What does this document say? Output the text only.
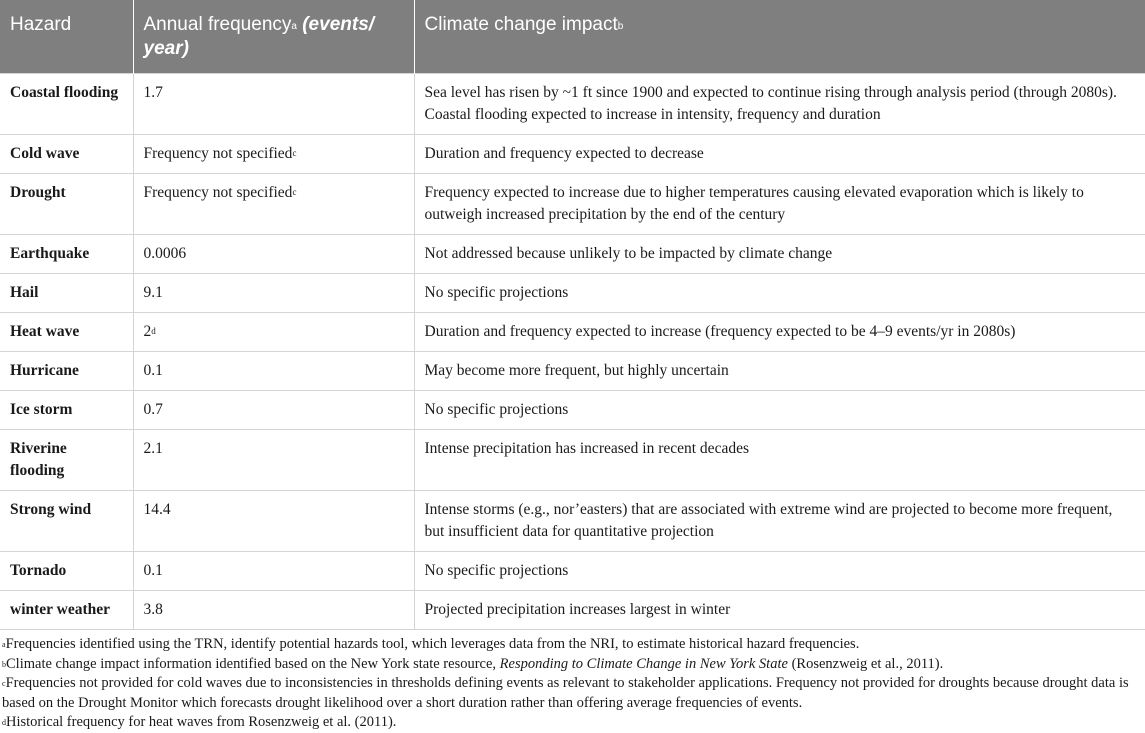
Hazard	Annual frequency$^a$ (events/ year)	Climate change impact$^b$
Coastal flooding	1.7	Sea level has risen by ~1 ft since 1900 and expected to continue rising through analysis period (through 2080s). Coastal flooding expected to increase in intensity, frequency and duration
Cold wave	Frequency not specified$^c$	Duration and frequency expected to decrease
Drought	Frequency not specified$^c$	Frequency expected to increase due to higher temperatures causing elevated evaporation which is likely to outweigh increased precipitation by the end of the century
Earthquake	0.0006	Not addressed because unlikely to be impacted by climate change
Hail	9.1	No specific projections
Heat wave	2$^d$	Duration and frequency expected to increase (frequency expected to be 4–9 events/yr in 2080s)
Hurricane	0.1	May become more frequent, but highly uncertain
Ice storm	0.7	No specific projections
Riverine flooding	2.1	Intense precipitation has increased in recent decades
Strong wind	14.4	Intense storms (e.g., nor’easters) that are associated with extreme wind are projected to become more frequent, but insufficient data for quantitative projection
Tornado	0.1	No specific projections
winter weather	3.8	Projected precipitation increases largest in winter

$^a$Frequencies identified using the TRN, identify potential hazards tool, which leverages data from the NRI, to estimate historical hazard frequencies.

$^b$Climate change impact information identified based on the New York state resource, Responding to Climate Change in New York State (Rosenzweig et al., 2011).

$^c$Frequencies not provided for cold waves due to inconsistencies in thresholds defining events as relevant to stakeholder applications. Frequency not provided for droughts because drought data is based on the Drought Monitor which forecasts drought likelihood over a short duration rather than offering average frequencies of events.

$^d$Historical frequency for heat waves from Rosenzweig et al. (2011).
